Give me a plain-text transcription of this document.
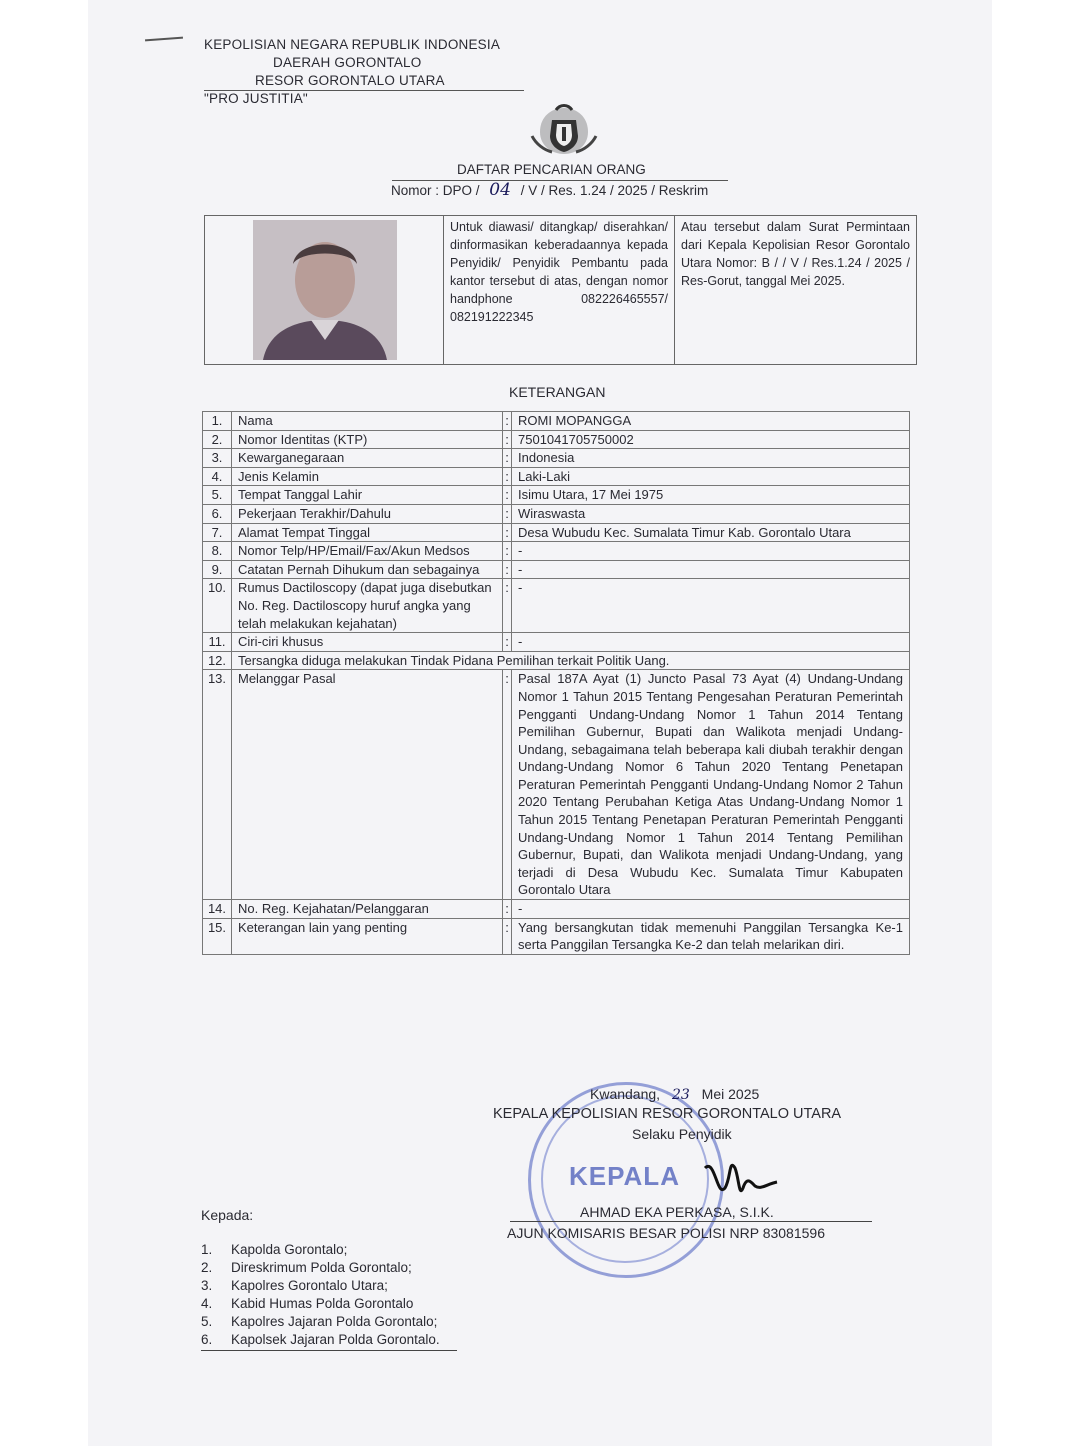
KEPOLISIAN NEGARA REPUBLIK INDONESIA
DAERAH GORONTALO
RESOR GORONTALO UTARA
"PRO JUSTITIA"
DAFTAR PENCARIAN ORANG
Nomor : DPO / 04 / V / Res. 1.24 / 2025 / Reskrim
	Untuk diawasi/ ditangkap/ diserahkan/ dinformasikan keberadaannya kepada Penyidik/ Penyidik Pembantu pada kantor tersebut di atas, dengan nomor handphone 082226465557/ 082191222345	Atau tersebut dalam Surat Permintaan dari Kepala Kepolisian Resor Gorontalo Utara Nomor: B / / V / Res.1.24 / 2025 / Res-Gorut, tanggal Mei 2025.
KETERANGAN
1.	Nama	:	ROMI MOPANGGA
2.	Nomor Identitas (KTP)	:	7501041705750002
3.	Kewarganegaraan	:	Indonesia
4.	Jenis Kelamin	:	Laki-Laki
5.	Tempat Tanggal Lahir	:	Isimu Utara, 17 Mei 1975
6.	Pekerjaan Terakhir/Dahulu	:	Wiraswasta
7.	Alamat Tempat Tinggal	:	Desa Wubudu Kec. Sumalata Timur Kab. Gorontalo Utara
8.	Nomor Telp/HP/Email/Fax/Akun Medsos	:	-
9.	Catatan Pernah Dihukum dan sebagainya	:	-
10.	Rumus Dactiloscopy (dapat juga disebutkan No. Reg. Dactiloscopy huruf angka yang telah melakukan kejahatan)	:	-
11.	Ciri-ciri khusus	:	-
12.	Tersangka diduga melakukan Tindak Pidana Pemilihan terkait Politik Uang.		
13.	Melanggar Pasal	:	Pasal 187A Ayat (1) Juncto Pasal 73 Ayat (4) Undang-Undang Nomor 1 Tahun 2015 Tentang Pengesahan Peraturan Pemerintah Pengganti Undang-Undang Nomor 1 Tahun 2014 Tentang Pemilihan Gubernur, Bupati dan Walikota menjadi Undang-Undang, sebagaimana telah beberapa kali diubah terakhir dengan Undang-Undang Nomor 6 Tahun 2020 Tentang Penetapan Peraturan Pemerintah Pengganti Undang-Undang Nomor 2 Tahun 2020 Tentang Perubahan Ketiga Atas Undang-Undang Nomor 1 Tahun 2015 Tentang Penetapan Peraturan Pemerintah Pengganti Undang-Undang Nomor 1 Tahun 2014 Tentang Pemilihan Gubernur, Bupati, dan Walikota menjadi Undang-Undang, yang terjadi di Desa Wubudu Kec. Sumalata Timur Kabupaten Gorontalo Utara
14.	No. Reg. Kejahatan/Pelanggaran	:	-
15.	Keterangan lain yang penting	:	Yang bersangkutan tidak memenuhi Panggilan Tersangka Ke-1 serta Panggilan Tersangka Ke-2 dan telah melarikan diri.
KEPALA
Kwandang, 23 Mei 2025
KEPALA KEPOLISIAN RESOR GORONTALO UTARA
Selaku Penyidik
AHMAD EKA PERKASA, S.I.K.
AJUN KOMISARIS BESAR POLISI NRP 83081596
Kepada:
1. Kapolda Gorontalo;
2. Direskrimum Polda Gorontalo;
3. Kapolres Gorontalo Utara;
4. Kabid Humas Polda Gorontalo
5. Kapolres Jajaran Polda Gorontalo;
6. Kapolsek Jajaran Polda Gorontalo.
